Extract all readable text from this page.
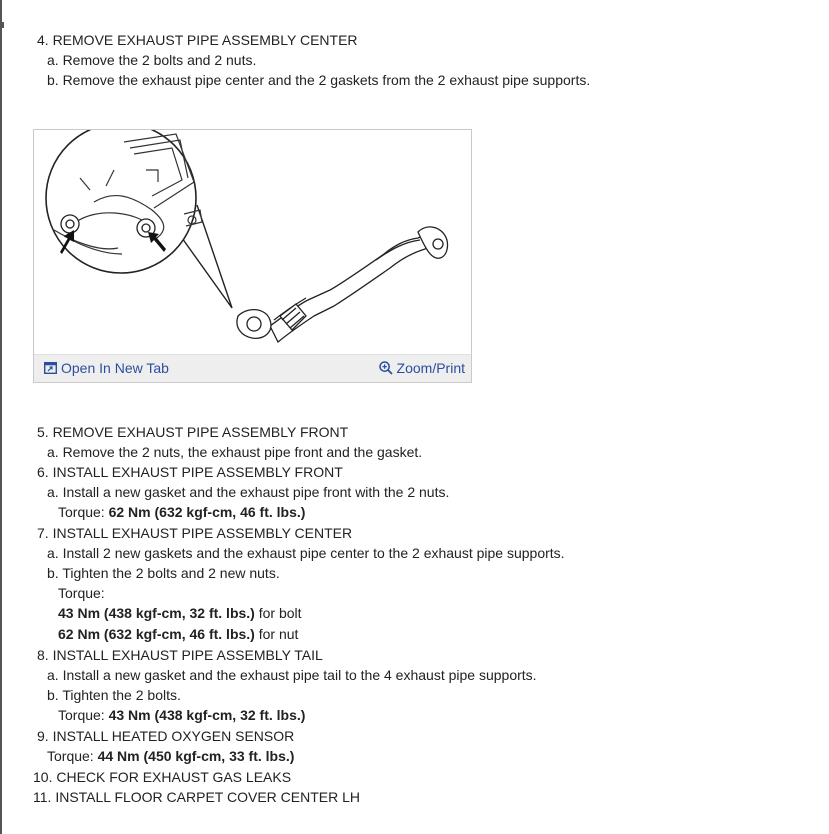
4. REMOVE EXHAUST PIPE ASSEMBLY CENTER
a. Remove the 2 bolts and 2 nuts.
b. Remove the exhaust pipe center and the 2 gaskets from the 2 exhaust pipe supports.
Open In New Tab	Zoom/Print
5. REMOVE EXHAUST PIPE ASSEMBLY FRONT
a. Remove the 2 nuts, the exhaust pipe front and the gasket.
6. INSTALL EXHAUST PIPE ASSEMBLY FRONT
a. Install a new gasket and the exhaust pipe front with the 2 nuts.
Torque: 62 Nm (632 kgf-cm, 46 ft. lbs.)
7. INSTALL EXHAUST PIPE ASSEMBLY CENTER
a. Install 2 new gaskets and the exhaust pipe center to the 2 exhaust pipe supports.
b. Tighten the 2 bolts and 2 new nuts.
Torque:
43 Nm (438 kgf-cm, 32 ft. lbs.) for bolt
62 Nm (632 kgf-cm, 46 ft. lbs.) for nut
8. INSTALL EXHAUST PIPE ASSEMBLY TAIL
a. Install a new gasket and the exhaust pipe tail to the 4 exhaust pipe supports.
b. Tighten the 2 bolts.
Torque: 43 Nm (438 kgf-cm, 32 ft. lbs.)
9. INSTALL HEATED OXYGEN SENSOR
Torque: 44 Nm (450 kgf-cm, 33 ft. lbs.)
10. CHECK FOR EXHAUST GAS LEAKS
11. INSTALL FLOOR CARPET COVER CENTER LH
